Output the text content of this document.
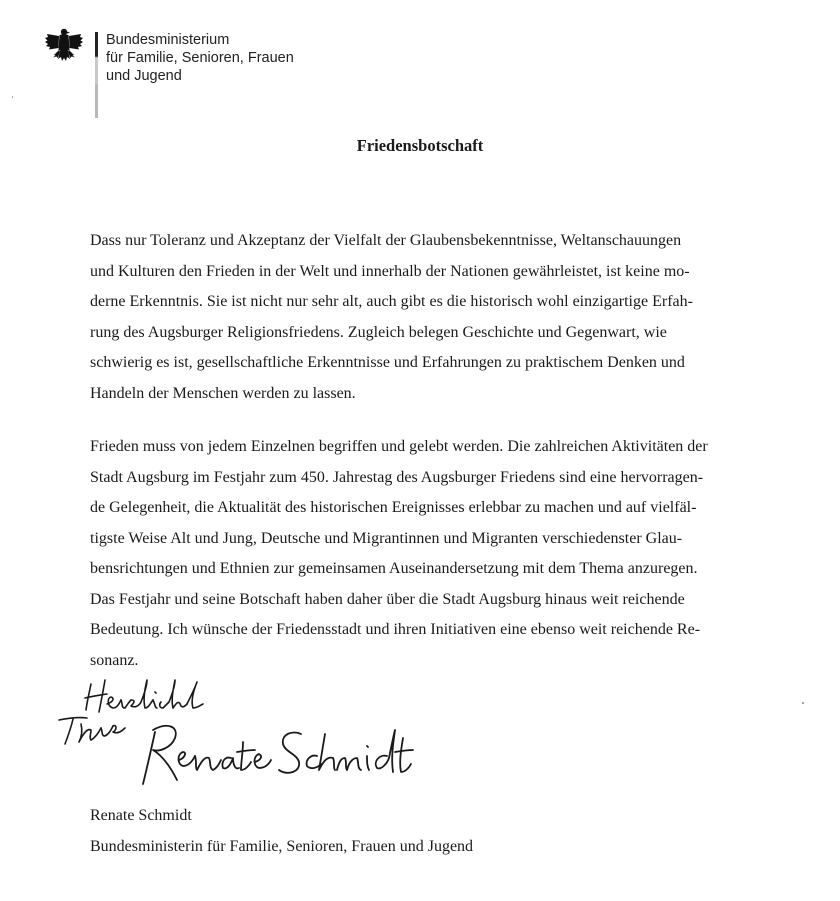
Bundesministerium
für Familie, Senioren, Frauen
und Jugend
Friedensbotschaft
Dass nur Toleranz und Akzeptanz der Vielfalt der Glaubensbekenntnisse, Weltanschauungen
und Kulturen den Frieden in der Welt und innerhalb der Nationen gewährleistet, ist keine mo-
derne Erkenntnis. Sie ist nicht nur sehr alt, auch gibt es die historisch wohl einzigartige Erfah-
rung des Augsburger Religionsfriedens. Zugleich belegen Geschichte und Gegenwart, wie
schwierig es ist, gesellschaftliche Erkenntnisse und Erfahrungen zu praktischem Denken und
Handeln der Menschen werden zu lassen.
Frieden muss von jedem Einzelnen begriffen und gelebt werden. Die zahlreichen Aktivitäten der
Stadt Augsburg im Festjahr zum 450. Jahrestag des Augsburger Friedens sind eine hervorragen-
de Gelegenheit, die Aktualität des historischen Ereignisses erlebbar zu machen und auf vielfäl-
tigste Weise Alt und Jung, Deutsche und Migrantinnen und Migranten verschiedenster Glau-
bensrichtungen und Ethnien zur gemeinsamen Auseinandersetzung mit dem Thema anzuregen.
Das Festjahr und seine Botschaft haben daher über die Stadt Augsburg hinaus weit reichende
Bedeutung. Ich wünsche der Friedensstadt und ihren Initiativen eine ebenso weit reichende Re-
sonanz.
Renate Schmidt
Bundesministerin für Familie, Senioren, Frauen und Jugend
